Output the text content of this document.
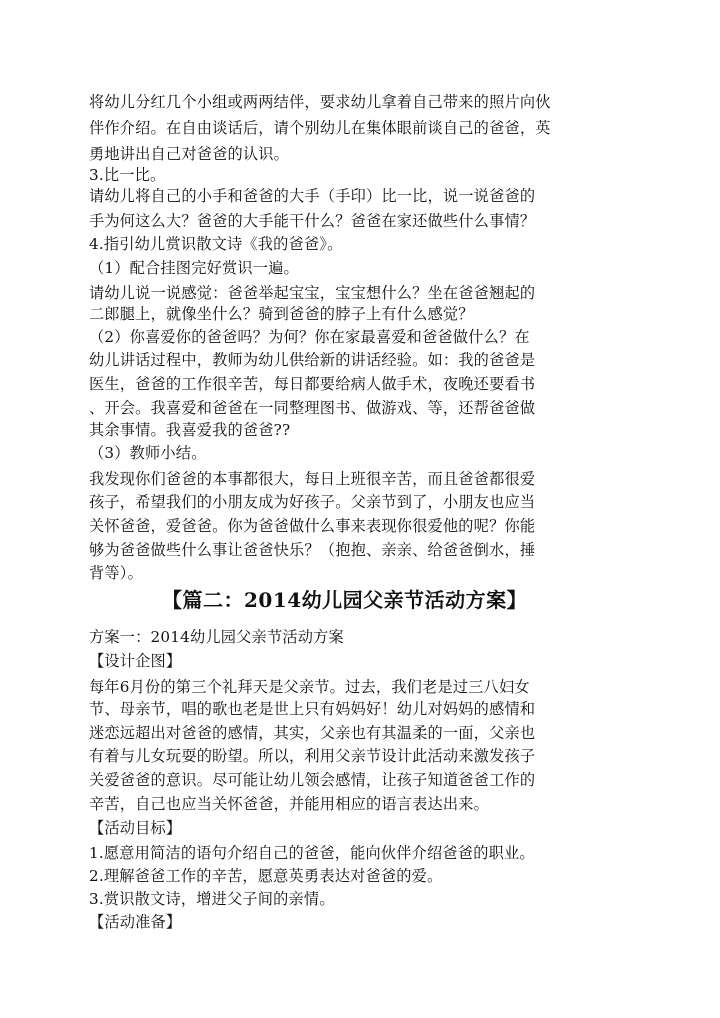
将幼儿分红几个小组或两两结伴，要求幼儿拿着自己带来的照片向伙
伴作介绍。在自由谈话后，请个别幼儿在集体眼前谈自己的爸爸，英
勇地讲出自己对爸爸的认识。
3.比一比。
请幼儿将自己的小手和爸爸的大手（手印）比一比，说一说爸爸的
手为何这么大？爸爸的大手能干什么？爸爸在家还做些什么事情？
4.指引幼儿赏识散文诗《我的爸爸》。
（1）配合挂图完好赏识一遍。
请幼儿说一说感觉：爸爸举起宝宝，宝宝想什么？坐在爸爸翘起的
二郎腿上，就像坐什么？骑到爸爸的脖子上有什么感觉？
（2）你喜爱你的爸爸吗？为何？你在家最喜爱和爸爸做什么？在
幼儿讲话过程中，教师为幼儿供给新的讲话经验。如：我的爸爸是
医生，爸爸的工作很辛苦，每日都要给病人做手术，夜晚还要看书
、开会。我喜爱和爸爸在一同整理图书、做游戏、等，还帮爸爸做
其余事情。我喜爱我的爸爸??
（3）教师小结。
我发现你们爸爸的本事都很大，每日上班很辛苦，而且爸爸都很爱
孩子，希望我们的小朋友成为好孩子。父亲节到了，小朋友也应当
关怀爸爸，爱爸爸。你为爸爸做什么事来表现你很爱他的呢？你能
够为爸爸做些什么事让爸爸快乐？（抱抱、亲亲、给爸爸倒水，捶
背等）。
【篇二：2014幼儿园父亲节活动方案】
方案一：2014幼儿园父亲节活动方案
【设计企图】
每年6月份的第三个礼拜天是父亲节。过去，我们老是过三八妇女
节、母亲节，唱的歌也老是世上只有妈妈好！幼儿对妈妈的感情和
迷恋远超出对爸爸的感情，其实，父亲也有其温柔的一面，父亲也
有着与儿女玩耍的盼望。所以，利用父亲节设计此活动来激发孩子
关爱爸爸的意识。尽可能让幼儿领会感情，让孩子知道爸爸工作的
辛苦，自己也应当关怀爸爸，并能用相应的语言表达出来。
【活动目标】
1.愿意用简洁的语句介绍自己的爸爸，能向伙伴介绍爸爸的职业。
2.理解爸爸工作的辛苦，愿意英勇表达对爸爸的爱。
3.赏识散文诗，增进父子间的亲情。
【活动准备】
